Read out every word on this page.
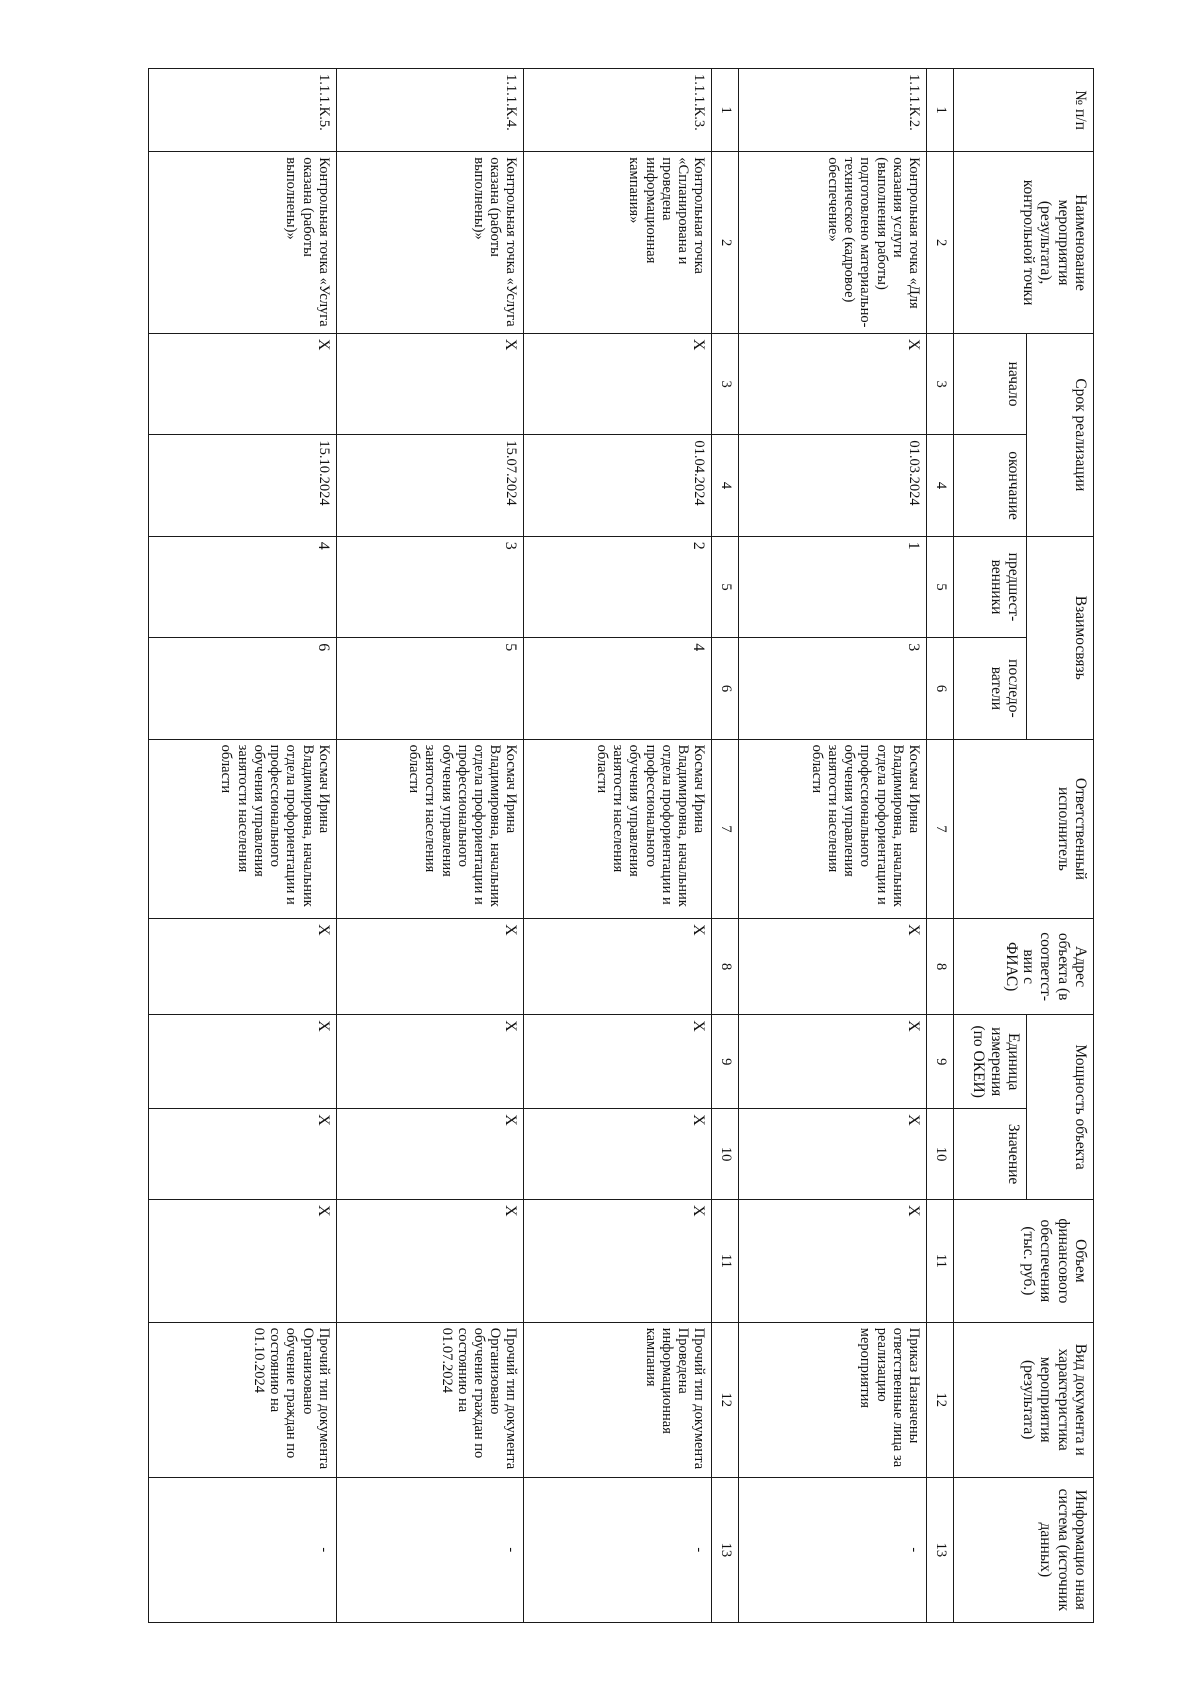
№ п/п	Наименование мероприятия (результата), контрольной точки	Срок реализации		Взаимосвязь		Ответственный исполнитель	Адрес объекта (в соответст-вии с ФИАС)	Мощность объекта		Объем финансового обеспечения (тыс. руб.)	Вид документа и характеристика мероприятия (результата)	Информацио нная система (источник данных)
		начало	окончание	предшест-венники	последо-ватели			Единица измерения (по ОКЕИ)	Значение			
1	2	3	4	5	6	7	8	9	10	11	12	13
1.1.1.К.2.	Контрольная точка «Для оказания услуги (выполнения работы) подготовлено материально-техническое (кадровое) обеспечение»	X	01.03.2024	1	3	Космач Ирина Владимировна, начальник отдела профориентации и профессионального обучения управления занятости населения области	X	X	X	X	Приказ Назначены ответственные лица за реализацию мероприятия	-
1	2	3	4	5	6	7	8	9	10	11	12	13
1.1.1.К.3.	Контрольная точка «Спланирована и проведена информационная кампания»	X	01.04.2024	2	4	Космач Ирина Владимировна, начальник отдела профориентации и профессионального обучения управления занятости населения области	X	X	X	X	Прочий тип документа Проведена информационная кампания	-
1.1.1.К.4.	Контрольная точка «Услуга оказана (работы выполнены)»	X	15.07.2024	3	5	Космач Ирина Владимировна, начальник отдела профориентации и профессионального обучения управления занятости населения области	X	X	X	X	Прочий тип документа Организовано обучение граждан по состоянию на 01.07.2024	-
1.1.1.К.5.	Контрольная точка «Услуга оказана (работы выполнены)»	X	15.10.2024	4	6	Космач Ирина Владимировна, начальник отдела профориентации и профессионального обучения управления занятости населения области	X	X	X	X	Прочий тип документа Организовано обучение граждан по состоянию на 01.10.2024	-
